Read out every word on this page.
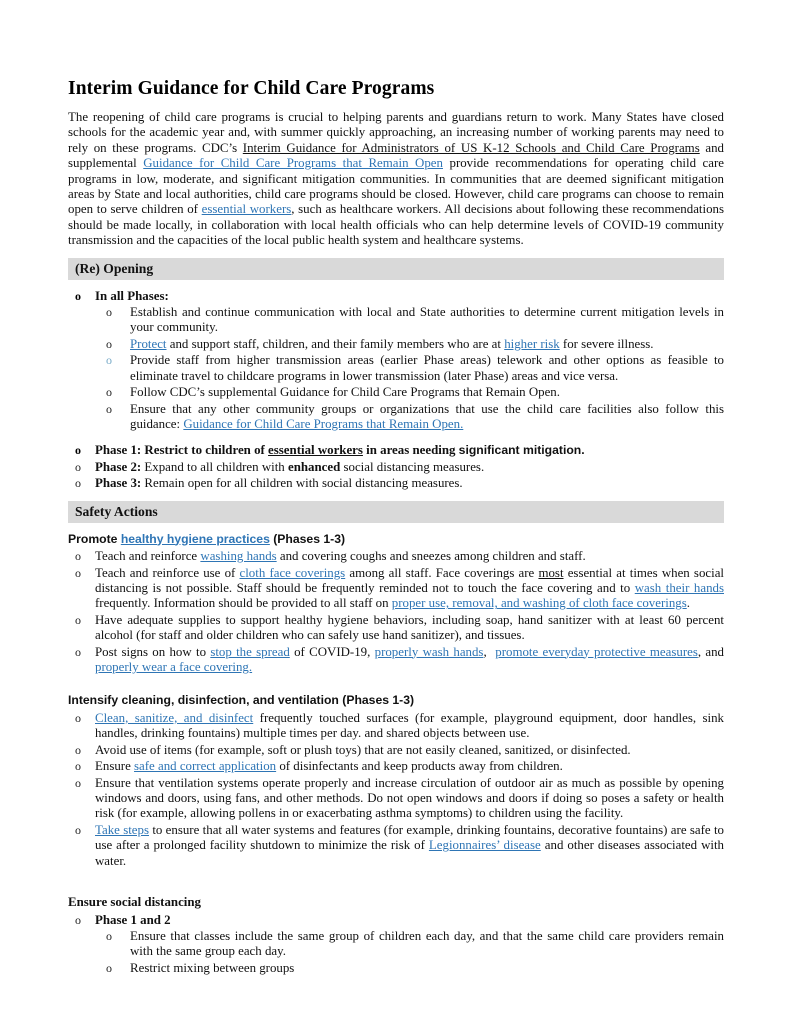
Interim Guidance for Child Care Programs

The reopening of child care programs is crucial to helping parents and guardians return to work. Many States have closed schools for the academic year and, with summer quickly approaching, an increasing number of working parents may need to rely on these programs. CDC’s Interim Guidance for Administrators of US K-12 Schools and Child Care Programs and supplemental Guidance for Child Care Programs that Remain Open provide recommendations for operating child care programs in low, moderate, and significant mitigation communities. In communities that are deemed significant mitigation areas by State and local authorities, child care programs should be closed. However, child care programs can choose to remain open to serve children of essential workers, such as healthcare workers. All decisions about following these recommendations should be made locally, in collaboration with local health officials who can help determine levels of COVID-19 community transmission and the capacities of the local public health system and healthcare systems.

(Re) Opening
o In all Phases:
o Establish and continue communication with local and State authorities to determine current mitigation levels in your community.
o Protect and support staff, children, and their family members who are at higher risk for severe illness.
o Provide staff from higher transmission areas (earlier Phase areas) telework and other options as feasible to eliminate travel to childcare programs in lower transmission (later Phase) areas and vice versa.
o Follow CDC’s supplemental Guidance for Child Care Programs that Remain Open.
o Ensure that any other community groups or organizations that use the child care facilities also follow this guidance: Guidance for Child Care Programs that Remain Open.
o Phase 1: Restrict to children of essential workers in areas needing significant mitigation.
o Phase 2: Expand to all children with enhanced social distancing measures.
o Phase 3: Remain open for all children with social distancing measures.
Safety Actions
Promote healthy hygiene practices (Phases 1-3)
o Teach and reinforce washing hands and covering coughs and sneezes among children and staff.
o Teach and reinforce use of cloth face coverings among all staff. Face coverings are most essential at times when social distancing is not possible. Staff should be frequently reminded not to touch the face covering and to wash their hands frequently. Information should be provided to all staff on proper use, removal, and washing of cloth face coverings.
o Have adequate supplies to support healthy hygiene behaviors, including soap, hand sanitizer with at least 60 percent alcohol (for staff and older children who can safely use hand sanitizer), and tissues.
o Post signs on how to stop the spread of COVID-19, properly wash hands,  promote everyday protective measures, and properly wear a face covering.
Intensify cleaning, disinfection, and ventilation (Phases 1-3)
o Clean, sanitize, and disinfect frequently touched surfaces (for example, playground equipment, door handles, sink handles, drinking fountains) multiple times per day. and shared objects between use.
o Avoid use of items (for example, soft or plush toys) that are not easily cleaned, sanitized, or disinfected.
o Ensure safe and correct application of disinfectants and keep products away from children.
o Ensure that ventilation systems operate properly and increase circulation of outdoor air as much as possible by opening windows and doors, using fans, and other methods. Do not open windows and doors if doing so poses a safety or health risk (for example, allowing pollens in or exacerbating asthma symptoms) to children using the facility.
o Take steps to ensure that all water systems and features (for example, drinking fountains, decorative fountains) are safe to use after a prolonged facility shutdown to minimize the risk of Legionnaires’ disease and other diseases associated with water.
Ensure social distancing
o Phase 1 and 2
o Ensure that classes include the same group of children each day, and that the same child care providers remain with the same group each day.
o Restrict mixing between groups
